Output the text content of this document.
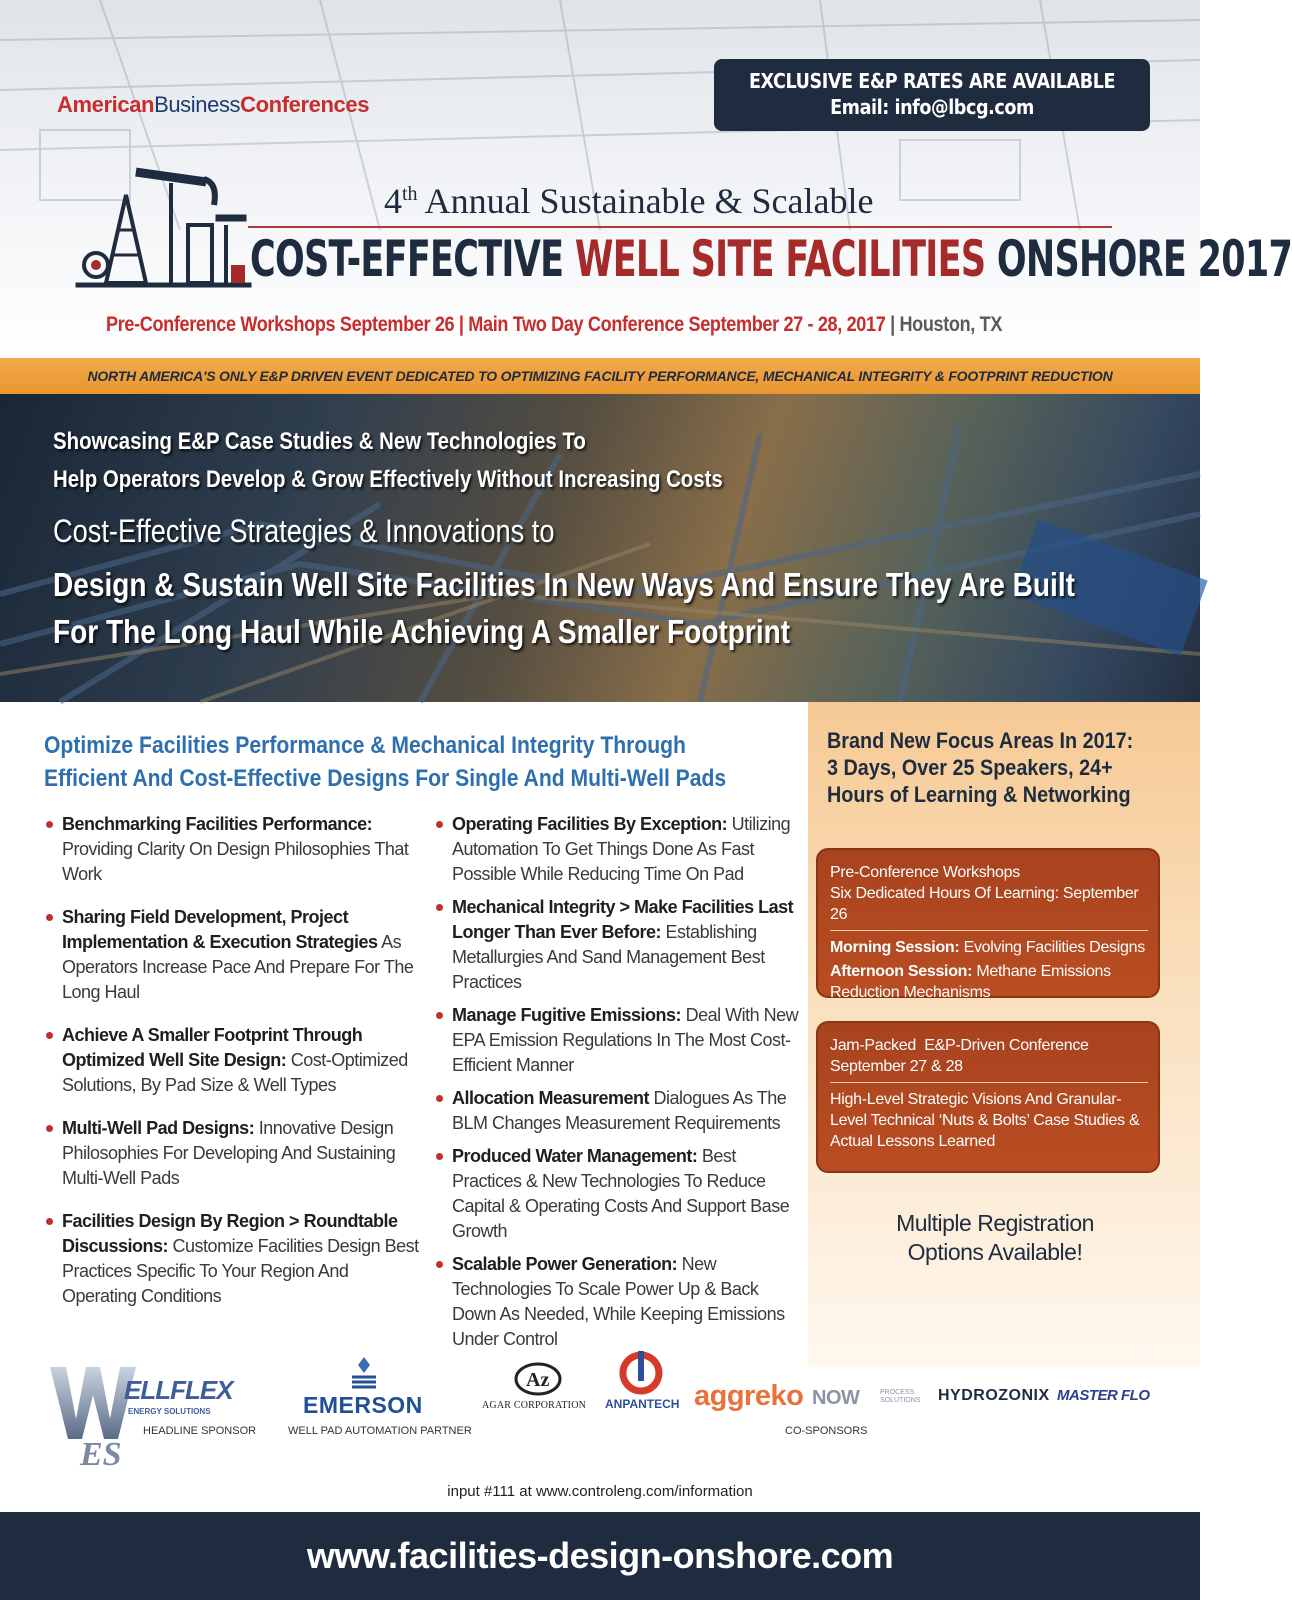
AmericanBusinessConferences
EXCLUSIVE E&P RATES ARE AVAILABLE
Email: info@lbcg.com
4th Annual Sustainable & Scalable
COST-EFFECTIVE WELL SITE FACILITIES ONSHORE 2017
Pre-Conference Workshops September 26 | Main Two Day Conference September 27 - 28, 2017 | Houston, TX
NORTH AMERICA'S ONLY E&P DRIVEN EVENT DEDICATED TO OPTIMIZING FACILITY PERFORMANCE, MECHANICAL INTEGRITY & FOOTPRINT REDUCTION
Showcasing E&P Case Studies & New Technologies To
Help Operators Develop & Grow Effectively Without Increasing Costs
Cost-Effective Strategies & Innovations to
Design & Sustain Well Site Facilities In New Ways And Ensure They Are Built
For The Long Haul While Achieving A Smaller Footprint
Optimize Facilities Performance & Mechanical Integrity Through
Efficient And Cost-Effective Designs For Single And Multi-Well Pads
Benchmarking Facilities Performance: Providing Clarity On Design Philosophies That Work
Sharing Field Development, Project Implementation & Execution Strategies As Operators Increase Pace And Prepare For The Long Haul
Achieve A Smaller Footprint Through Optimized Well Site Design: Cost-Optimized Solutions, By Pad Size & Well Types
Multi-Well Pad Designs: Innovative Design Philosophies For Developing And Sustaining Multi-Well Pads
Facilities Design By Region > Roundtable Discussions: Customize Facilities Design Best Practices Specific To Your Region And Operating Conditions
Operating Facilities By Exception: Utilizing Automation To Get Things Done As Fast Possible While Reducing Time On Pad
Mechanical Integrity > Make Facilities Last Longer Than Ever Before: Establishing Metallurgies And Sand Management Best Practices
Manage Fugitive Emissions: Deal With New EPA Emission Regulations In The Most Cost-Efficient Manner
Allocation Measurement Dialogues As The BLM Changes Measurement Requirements
Produced Water Management: Best Practices & New Technologies To Reduce Capital & Operating Costs And Support Base Growth
Scalable Power Generation: New Technologies To Scale Power Up & Back Down As Needed, While Keeping Emissions Under Control
Brand New Focus Areas In 2017:
3 Days, Over 25 Speakers, 24+
Hours of Learning & Networking
Pre-Conference Workshops
Six Dedicated Hours Of Learning: September 26
Morning Session: Evolving Facilities Designs
Afternoon Session: Methane Emissions Reduction Mechanisms
Jam-Packed  E&P-Driven Conference
September 27 & 28
High-Level Strategic Visions And Granular-Level Technical ‘Nuts & Bolts’ Case Studies & Actual Lessons Learned
Multiple Registration
Options Available!
ES
ELLFLEX
ENERGY SOLUTIONS
HEADLINE SPONSOR
EMERSON
WELL PAD AUTOMATION PARTNER
Az
AGAR CORPORATION ANPANTECH aggreko NOW	PROCESS SOLUTIONS HYDROZONIX MASTER FLO
CO-SPONSORS
input #111 at www.controleng.com/information
www.facilities-design-onshore.com
